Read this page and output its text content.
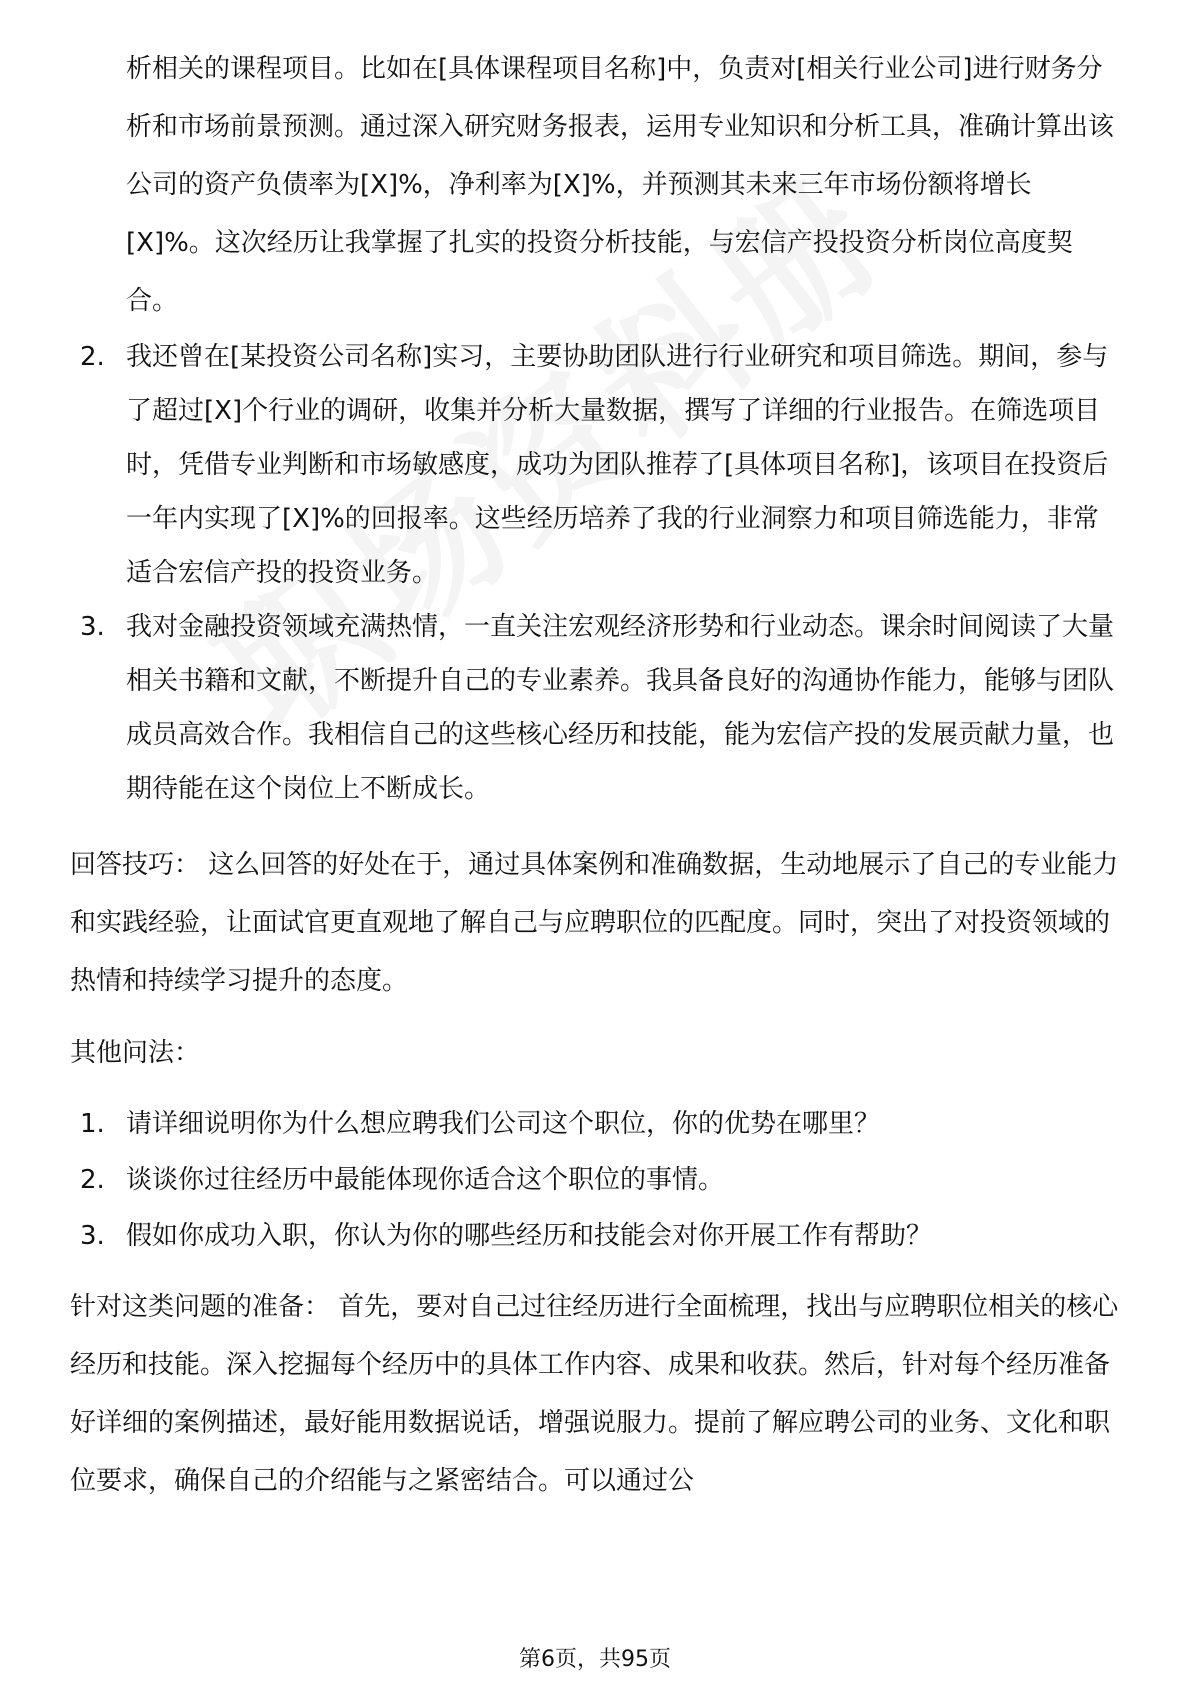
析相关的课程项目。比如在[具体课程项目名称]中，负责对[相关行业公司]进行财务分析和市场前景预测。通过深入研究财务报表，运用专业知识和分析工具，准确计算出该公司的资产负债率为[X]%，净利率为[X]%，并预测其未来三年市场份额将增长[X]%。这次经历让我掌握了扎实的投资分析技能，与宏信产投投资分析岗位高度契合。
2. 我还曾在[某投资公司名称]实习，主要协助团队进行行业研究和项目筛选。期间，参与了超过[X]个行业的调研，收集并分析大量数据，撰写了详细的行业报告。在筛选项目时，凭借专业判断和市场敏感度，成功为团队推荐了[具体项目名称]，该项目在投资后一年内实现了[X]%的回报率。这些经历培养了我的行业洞察力和项目筛选能力，非常适合宏信产投的投资业务。
3. 我对金融投资领域充满热情，一直关注宏观经济形势和行业动态。课余时间阅读了大量相关书籍和文献，不断提升自己的专业素养。我具备良好的沟通协作能力，能够与团队成员高效合作。我相信自己的这些核心经历和技能，能为宏信产投的发展贡献力量，也期待能在这个岗位上不断成长。

回答技巧： 这么回答的好处在于，通过具体案例和准确数据，生动地展示了自己的专业能力和实践经验，让面试官更直观地了解自己与应聘职位的匹配度。同时，突出了对投资领域的热情和持续学习提升的态度。

其他问法：

1. 请详细说明你为什么想应聘我们公司这个职位，你的优势在哪里？
2. 谈谈你过往经历中最能体现你适合这个职位的事情。
3. 假如你成功入职，你认为你的哪些经历和技能会对你开展工作有帮助？

针对这类问题的准备： 首先，要对自己过往经历进行全面梳理，找出与应聘职位相关的核心经历和技能。深入挖掘每个经历中的具体工作内容、成果和收获。然后，针对每个经历准备好详细的案例描述，最好能用数据说话，增强说服力。提前了解应聘公司的业务、文化和职位要求，确保自己的介绍能与之紧密结合。可以通过公

第6页，共95页
